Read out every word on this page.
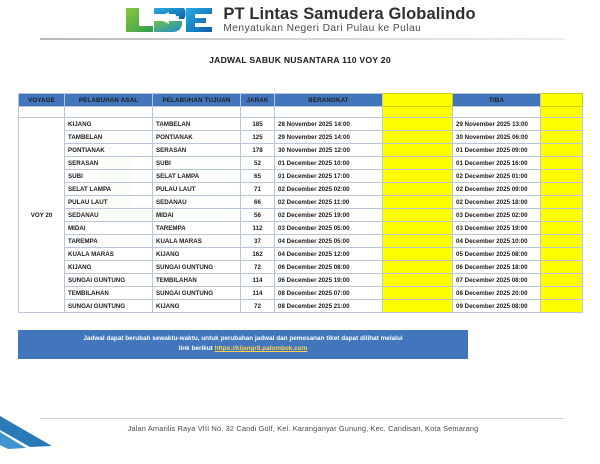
PT Lintas Samudera Globalindo
Menyatukan Negeri Dari Pulau ke Pulau
JADWAL SABUK NUSANTARA 110 VOY 20
VOYAGE	PELABUHAN ASAL	PELABUHAN TUJUAN	JARAK	BERANGKAT		TIBA	

VOY 20	KIJANG	TAMBELAN	185	28 November 2025 14:00		29 November 2025 13:00	
	TAMBELAN	PONTIANAK	125	29 November 2025 14:00		30 November 2025 06:00	
	PONTIANAK	SERASAN	178	30 November 2025 12:00		01 December 2025 09:00	
	SERASAN	SUBI	52	01 December 2025 10:00		01 December 2025 16:00	
	SUBI	SELAT LAMPA	65	01 December 2025 17:00		02 December 2025 01:00	
	SELAT LAMPA	PULAU LAUT	71	02 December 2025 02:00		02 December 2025 09:00	
	PULAU LAUT	SEDANAU	66	02 December 2025 11:00		02 December 2025 18:00	
	SEDANAU	MIDAI	56	02 December 2025 19:00		03 December 2025 02:00	
	MIDAI	TAREMPA	112	03 December 2025 05:00		03 December 2025 19:00	
	TAREMPA	KUALA MARAS	37	04 December 2025 05:00		04 December 2025 10:00	
	KUALA MARAS	KIJANG	162	04 December 2025 12:00		05 December 2025 08:00	
	KIJANG	SUNGAI GUNTUNG	72	06 December 2025 08:00		06 December 2025 18:00	
	SUNGAI GUNTUNG	TEMBILAHAN	114	06 December 2025 19:00		07 December 2025 08:00	
	TEMBILAHAN	SUNGAI GUNTUNG	114	08 December 2025 07:00		08 December 2025 20:00	
	SUNGAI GUNTUNG	KIJANG	72	08 December 2025 21:00		09 December 2025 08:00	
Jadwal dapat berubah sewaktu-waktu, untuk perubahan jadwal dan pemesanan tiket dapat dilihat melalui
link berikut https://kijangr8.palombok.com
Jalan Amarilis Raya VIII No. 32 Candi Golf, Kel. Karanganyar Gunung, Kec. Candisari, Kota Semarang
